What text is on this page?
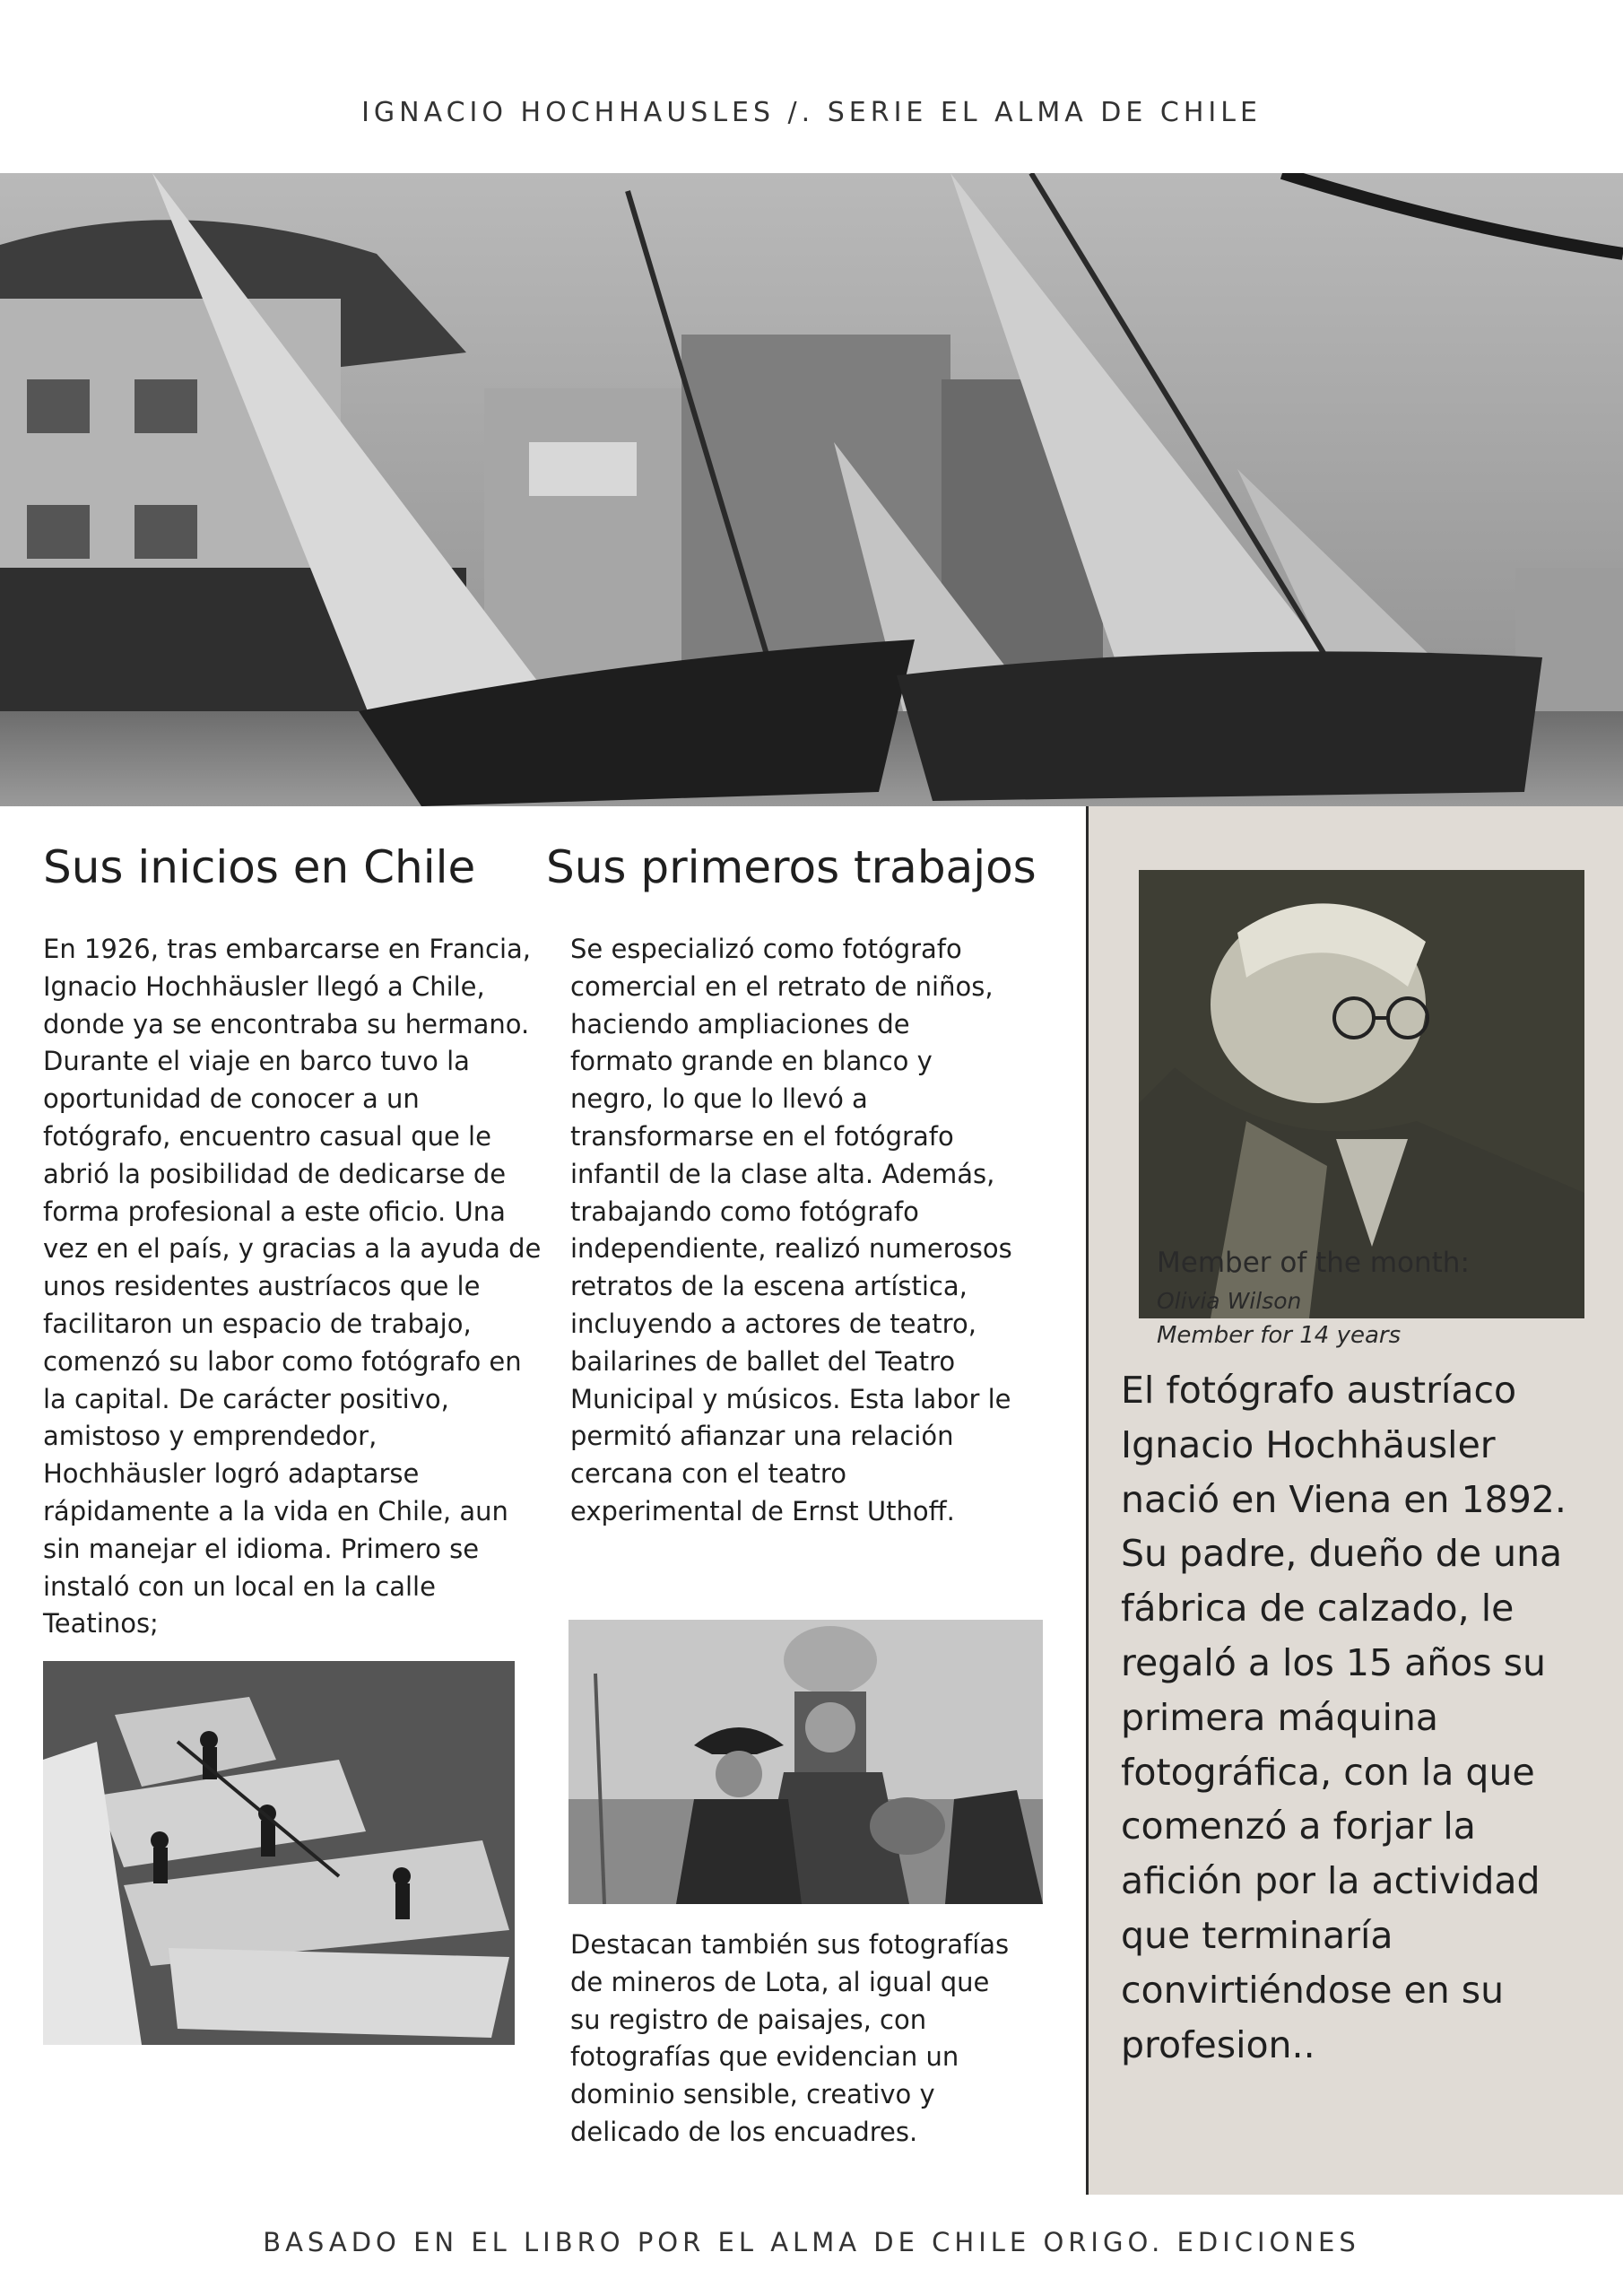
IGNACIO HOCHHAUSLES /. SERIE EL ALMA DE CHILE
Sus inicios en Chile
En 1926, tras embarcarse en Francia,
Ignacio Hochhäusler llegó a Chile,
donde ya se encontraba su hermano.
Durante el viaje en barco tuvo la
oportunidad de conocer a un
fotógrafo, encuentro casual que le
abrió la posibilidad de dedicarse de
forma profesional a este oficio. Una
vez en el país, y gracias a la ayuda de
unos residentes austríacos que le
facilitaron un espacio de trabajo,
comenzó su labor como fotógrafo en
la capital. De carácter positivo,
amistoso y emprendedor,
Hochhäusler logró adaptarse
rápidamente a la vida en Chile, aun
sin manejar el idioma. Primero se
instaló con un local en la calle
Teatinos;
Sus primeros trabajos
Se especializó como fotógrafo
comercial en el retrato de niños,
haciendo ampliaciones de
formato grande en blanco y
negro, lo que lo llevó a
transformarse en el fotógrafo
infantil de la clase alta. Además,
trabajando como fotógrafo
independiente, realizó numerosos
retratos de la escena artística,
incluyendo a actores de teatro,
bailarines de ballet del Teatro
Municipal y músicos. Esta labor le
permitó afianzar una relación
cercana con el teatro
experimental de Ernst Uthoff.
Destacan también sus fotografías
de mineros de Lota, al igual que
su registro de paisajes, con
fotografías que evidencian un
dominio sensible, creativo y
delicado de los encuadres.
Member of the month:
Olivia Wilson
Member for 14 years
El fotógrafo austríaco
Ignacio Hochhäusler
nació en Viena en 1892.
Su padre, dueño de una
fábrica de calzado, le
regaló a los 15 años su
primera máquina
fotográfica, con la que
comenzó a forjar la
afición por la actividad
que terminaría
convirtiéndose en su
profesion..
BASADO EN EL LIBRO POR EL ALMA DE CHILE ORIGO. EDICIONES
